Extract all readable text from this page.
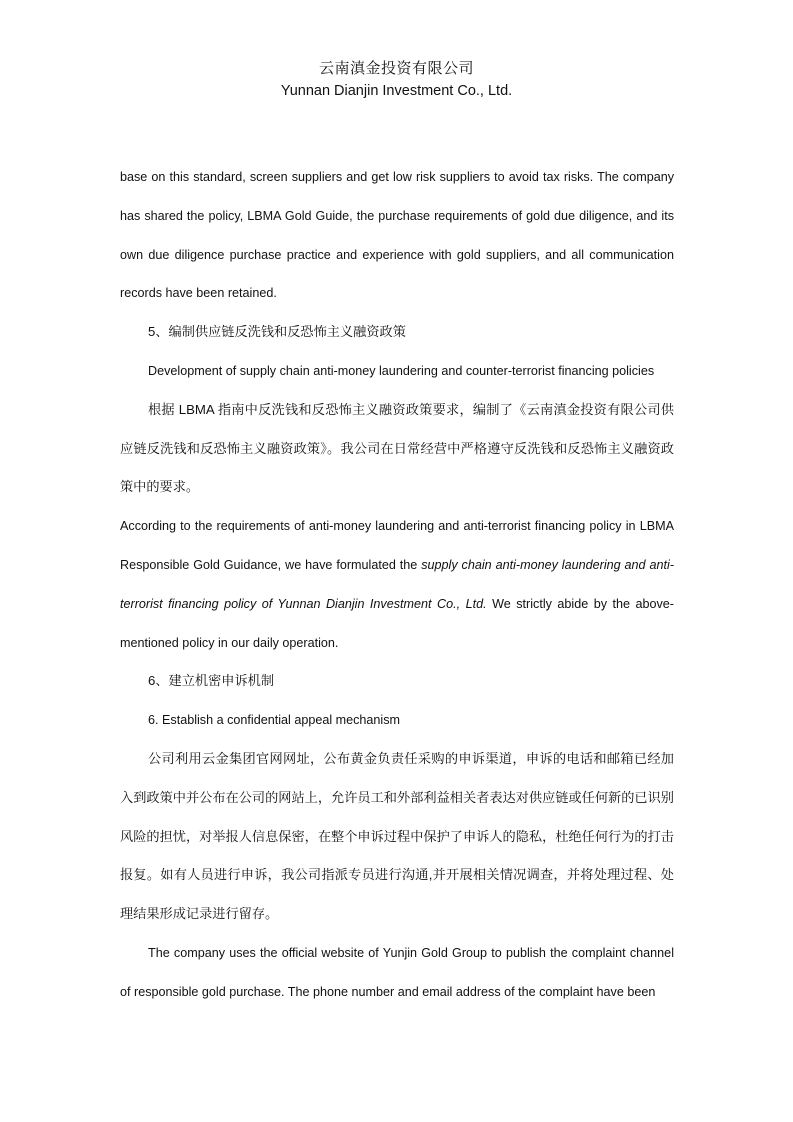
云南滇金投资有限公司
Yunnan Dianjin Investment Co., Ltd.

base on this standard, screen suppliers and get low risk suppliers to avoid tax risks. The company has shared the policy, LBMA Gold Guide, the purchase requirements of gold due diligence, and its own due diligence purchase practice and experience with gold suppliers, and all communication records have been retained.

5、编制供应链反洗钱和反恐怖主义融资政策

Development of supply chain anti-money laundering and counter-terrorist financing policies

根据 LBMA 指南中反洗钱和反恐怖主义融资政策要求，编制了《云南滇金投资有限公司供应链反洗钱和反恐怖主义融资政策》。我公司在日常经营中严格遵守反洗钱和反恐怖主义融资政策中的要求。

According to the requirements of anti-money laundering and anti-terrorist financing policy in LBMA Responsible Gold Guidance, we have formulated the supply chain anti-money laundering and anti-terrorist financing policy of Yunnan Dianjin Investment Co., Ltd. We strictly abide by the above-mentioned policy in our daily operation.

6、建立机密申诉机制

6. Establish a confidential appeal mechanism

公司利用云金集团官网网址，公布黄金负责任采购的申诉渠道，申诉的电话和邮箱已经加入到政策中并公布在公司的网站上，允许员工和外部利益相关者表达对供应链或任何新的已识别风险的担忧，对举报人信息保密，在整个申诉过程中保护了申诉人的隐私，杜绝任何行为的打击报复。如有人员进行申诉，我公司指派专员进行沟通,并开展相关情况调查，并将处理过程、处理结果形成记录进行留存。

The company uses the official website of Yunjin Gold Group to publish the complaint channel of responsible gold purchase. The phone number and email address of the complaint have been
